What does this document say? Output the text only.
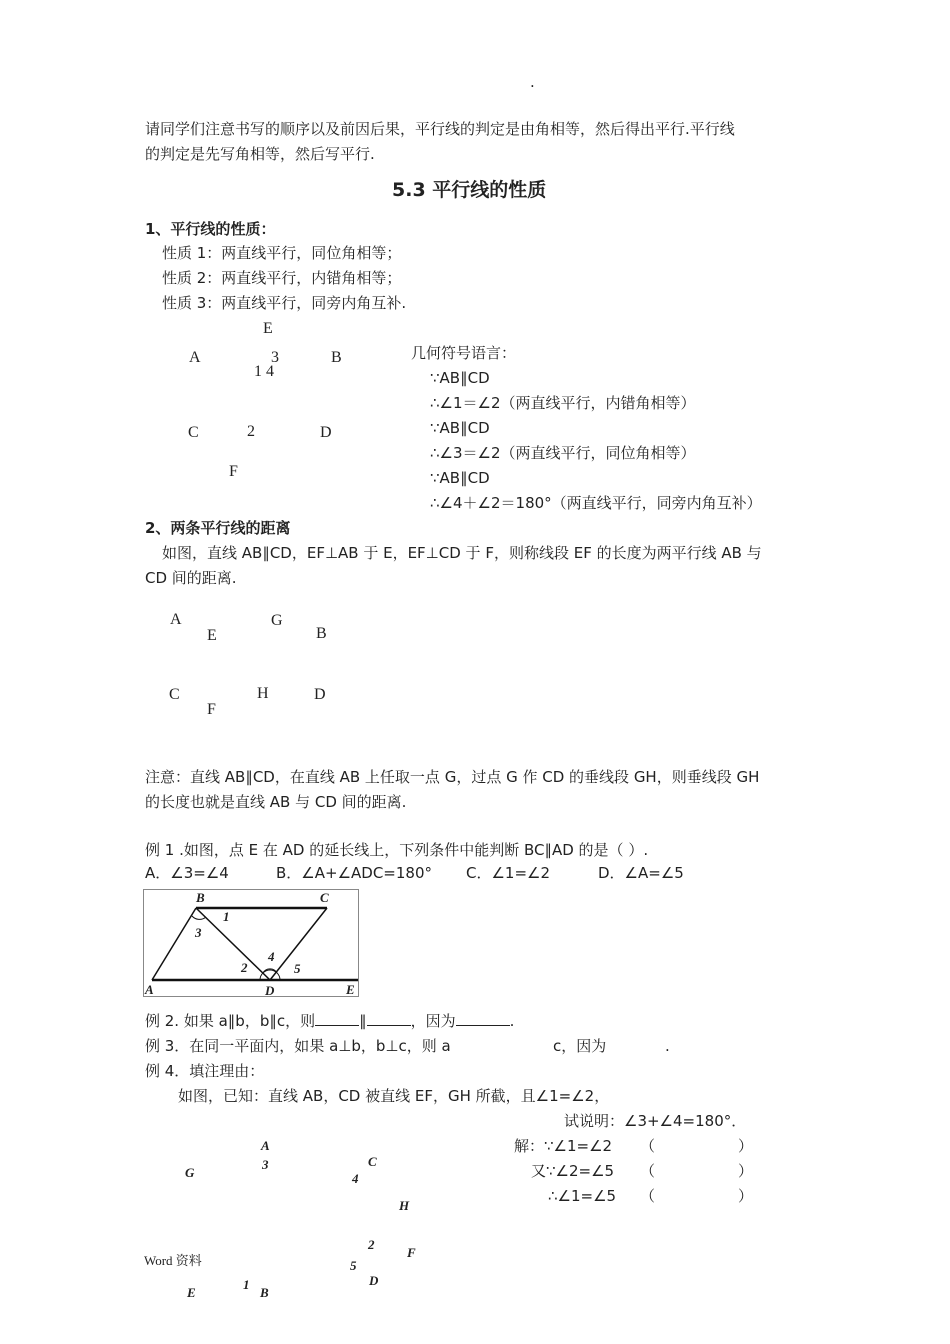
.
请同学们注意书写的顺序以及前因后果，平行线的判定是由角相等，然后得出平行.平行线
的判定是先写角相等，然后写平行.
5.3 平行线的性质
1、平行线的性质：
性质 1：两直线平行，同位角相等；
性质 2：两直线平行，内错角相等；
性质 3：两直线平行，同旁内角互补.
E
A	3	B
1 4
C	2	D
F
几何符号语言：
∵AB∥CD
∴∠1＝∠2（两直线平行，内错角相等）
∵AB∥CD
∴∠3＝∠2（两直线平行，同位角相等）
∵AB∥CD
∴∠4＋∠2＝180°（两直线平行，同旁内角互补）
2、两条平行线的距离
如图，直线 AB∥CD，EF⊥AB 于 E，EF⊥CD 于 F，则称线段 EF 的长度为两平行线 AB 与
CD 间的距离.
A	G
E	B
C	H	D
F
注意：直线 AB∥CD，在直线 AB 上任取一点 G，过点 G 作 CD 的垂线段 GH，则垂线段 GH
的长度也就是直线 AB 与 CD 间的距离.
例 1 .如图，点 E 在 AD 的延长线上，下列条件中能判断 BC∥AD 的是（ ）.
A．∠3=∠4	B．∠A+∠ADC=180° C．∠1=∠2	D．∠A=∠5
B	C
1
3
4
2	5
A	D	E
例 2. 如果 a∥b，b∥c，则	∥	，因为	.
例 3．在同一平面内，如果 a⊥b，b⊥c，则 a	c，因为	.
例 4．填注理由：
如图，已知：直线 AB，CD 被直线 EF，GH 所截，且∠1=∠2，
试说明：∠3+∠4=180°．
解：∵∠1=∠2 （	）
又∵∠2=∠5 （	）
∴∠1=∠5 （	）
A
3
G
C
4
H
2
F
5
D
1
E	B
Word 资料
